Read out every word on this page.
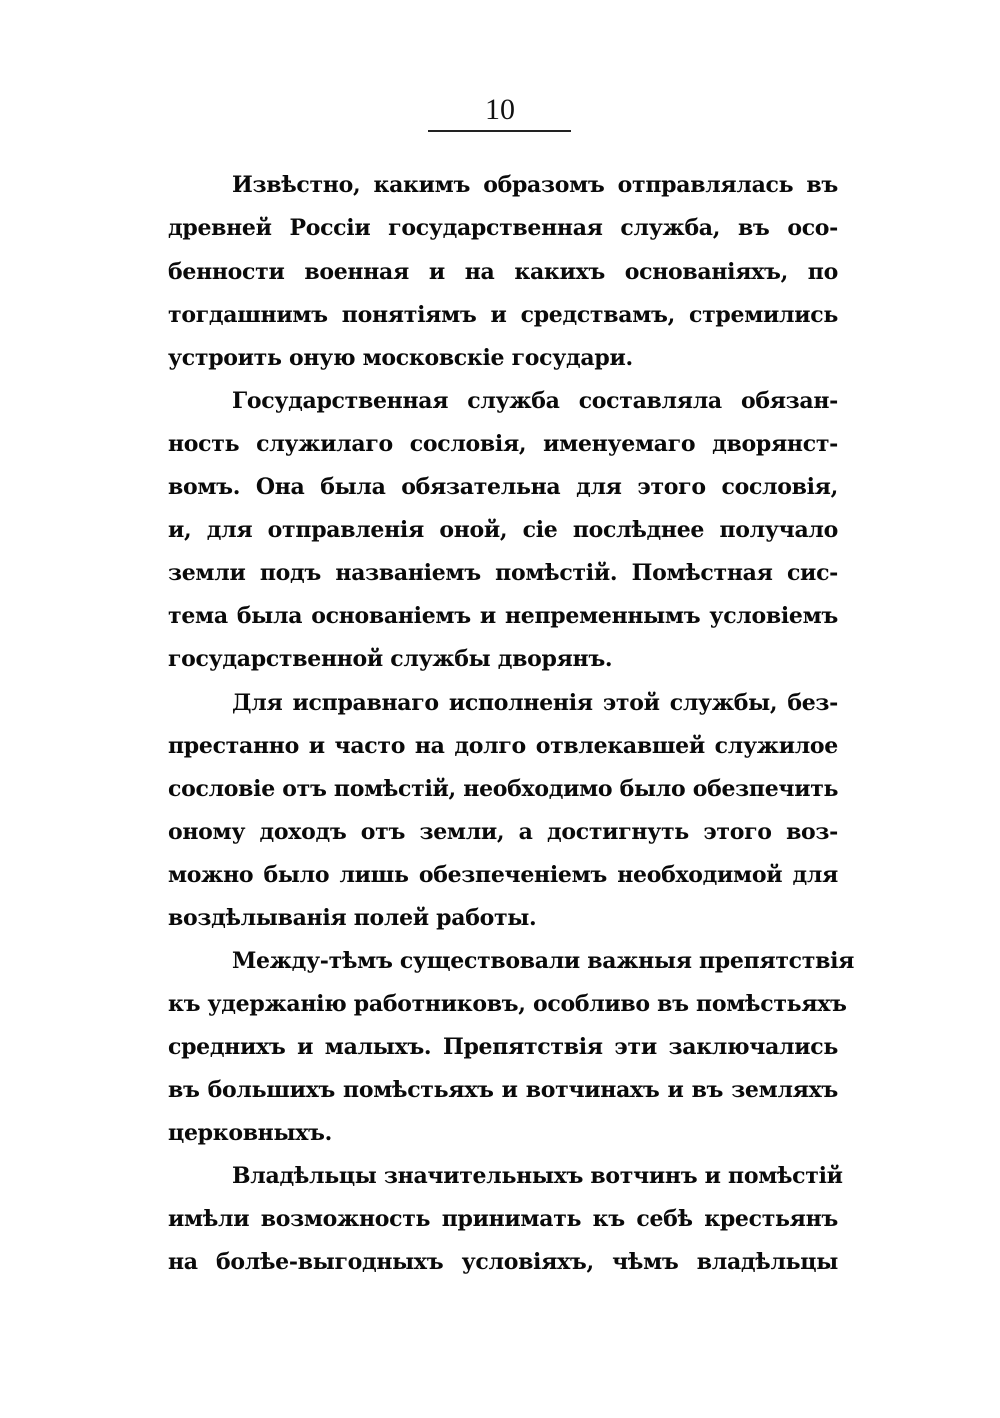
10
Извѣстно, какимъ образомъ отправлялась въ
древней Россіи государственная служба, въ осо-
бенности военная и на какихъ основаніяхъ, по
тогдашнимъ понятіямъ и средствамъ, стремились
устроить оную московскіе государи.
Государственная служба составляла обязан-
ность служилаго сословія, именуемаго дворянст-
вомъ. Она была обязательна для этого сословія,
и, для отправленія оной, сіе послѣднее получало
земли подъ названіемъ помѣстій. Помѣстная сис-
тема была основаніемъ и непременнымъ условіемъ
государственной службы дворянъ.
Для исправнаго исполненія этой службы, без-
престанно и часто на долго отвлекавшей служилое
сословіе отъ помѣстій, необходимо было обезпечить
оному доходъ отъ земли, а достигнуть этого воз-
можно было лишь обезпеченіемъ необходимой для
воздѣлыванія полей работы.
Между-тѣмъ существовали важныя препятствія
къ удержанію работниковъ, особливо въ помѣстьяхъ
среднихъ и малыхъ. Препятствія эти заключались
въ большихъ помѣстьяхъ и вотчинахъ и въ земляхъ
церковныхъ.
Владѣльцы значительныхъ вотчинъ и помѣстій
имѣли возможность принимать къ себѣ крестьянъ
на болѣе-выгодныхъ условіяхъ, чѣмъ владѣльцы
